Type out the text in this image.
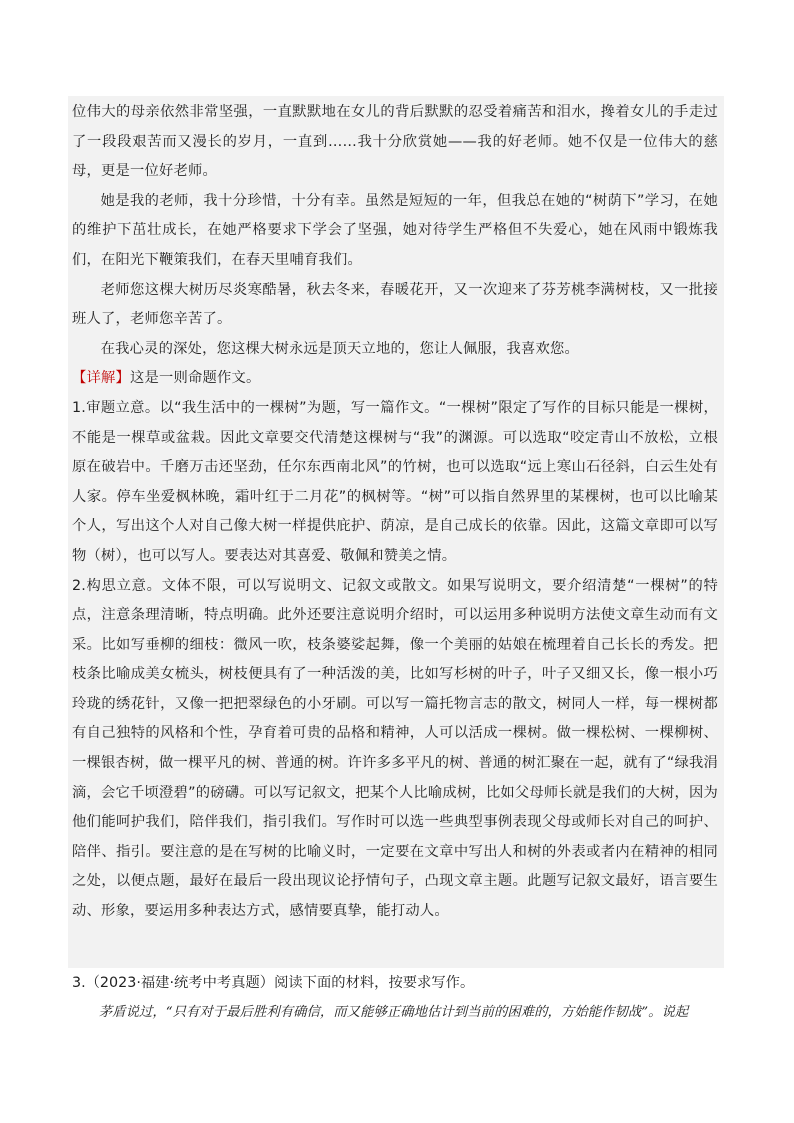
位伟大的母亲依然非常坚强，一直默默地在女儿的背后默默的忍受着痛苦和泪水，搀着女儿的手走过了一段段艰苦而又漫长的岁月，一直到……我十分欣赏她——我的好老师。她不仅是一位伟大的慈母，更是一位好老师。

她是我的老师，我十分珍惜，十分有幸。虽然是短短的一年，但我总在她的“树荫下”学习，在她的维护下茁壮成长，在她严格要求下学会了坚强，她对待学生严格但不失爱心，她在风雨中锻炼我们，在阳光下鞭策我们，在春天里哺育我们。

老师您这棵大树历尽炎寒酷暑，秋去冬来，春暖花开，又一次迎来了芬芳桃李满树枝，又一批接班人了，老师您辛苦了。

在我心灵的深处，您这棵大树永远是顶天立地的，您让人佩服，我喜欢您。

【详解】这是一则命题作文。

1.审题立意。以“我生活中的一棵树”为题，写一篇作文。“一棵树”限定了写作的目标只能是一棵树，不能是一棵草或盆栽。因此文章要交代清楚这棵树与“我”的渊源。可以选取“咬定青山不放松，立根原在破岩中。千磨万击还坚劲，任尔东西南北风”的竹树，也可以选取“远上寒山石径斜，白云生处有人家。停车坐爱枫林晚，霜叶红于二月花”的枫树等。“树”可以指自然界里的某棵树，也可以比喻某个人，写出这个人对自己像大树一样提供庇护、荫凉，是自己成长的依靠。因此，这篇文章即可以写物（树），也可以写人。要表达对其喜爱、敬佩和赞美之情。

2.构思立意。文体不限，可以写说明文、记叙文或散文。如果写说明文，要介绍清楚“一棵树”的特点，注意条理清晰，特点明确。此外还要注意说明介绍时，可以运用多种说明方法使文章生动而有文采。比如写垂柳的细枝：微风一吹，枝条婆娑起舞，像一个美丽的姑娘在梳理着自己长长的秀发。把枝条比喻成美女梳头，树枝便具有了一种活泼的美，比如写杉树的叶子，叶子又细又长，像一根小巧玲珑的绣花针，又像一把把翠绿色的小牙刷。可以写一篇托物言志的散文，树同人一样，每一棵树都有自己独特的风格和个性，孕育着可贵的品格和精神，人可以活成一棵树。做一棵松树、一棵柳树、一棵银杏树，做一棵平凡的树、普通的树。许许多多平凡的树、普通的树汇聚在一起，就有了“绿我涓滴，会它千顷澄碧”的磅礴。可以写记叙文，把某个人比喻成树，比如父母师长就是我们的大树，因为他们能呵护我们，陪伴我们，指引我们。写作时可以选一些典型事例表现父母或师长对自己的呵护、陪伴、指引。要注意的是在写树的比喻义时，一定要在文章中写出人和树的外表或者内在精神的相同之处，以便点题，最好在最后一段出现议论抒情句子，凸现文章主题。此题写记叙文最好，语言要生动、形象，要运用多种表达方式，感情要真挚，能打动人。

3.（2023·福建·统考中考真题）阅读下面的材料，按要求写作。

茅盾说过，“只有对于最后胜利有确信，而又能够正确地估计到当前的困难的，方始能作韧战”。说起
